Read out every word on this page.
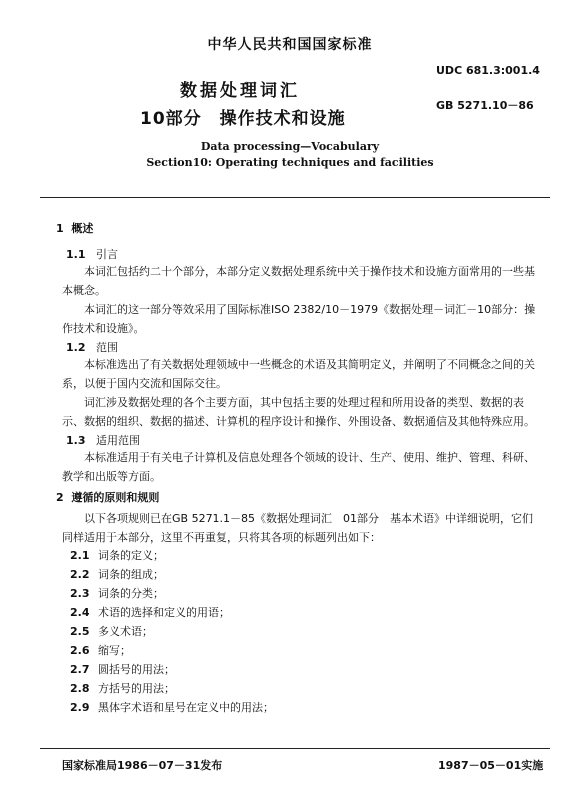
中华人民共和国国家标准
UDC 681.3:001.4
GB 5271.10－86
数据处理词汇
10部分　操作技术和设施
Data processing—Vocabulary
Section10: Operating techniques and facilities
1 概述
1.1 引言
本词汇包括约二十个部分，本部分定义数据处理系统中关于操作技术和设施方面常用的一些基本概念。
本词汇的这一部分等效采用了国际标准ISO 2382/10－1979《数据处理－词汇－10部分：操作技术和设施》。
1.2 范围
本标准选出了有关数据处理领域中一些概念的术语及其简明定义，并阐明了不同概念之间的关系，以便于国内交流和国际交往。
词汇涉及数据处理的各个主要方面，其中包括主要的处理过程和所用设备的类型、数据的表示、数据的组织、数据的描述、计算机的程序设计和操作、外围设备、数据通信及其他特殊应用。
1.3 适用范围
本标准适用于有关电子计算机及信息处理各个领域的设计、生产、使用、维护、管理、科研、教学和出版等方面。
2 遵循的原则和规则
以下各项规则已在GB 5271.1－85《数据处理词汇　01部分　基本术语》中详细说明，它们同样适用于本部分，这里不再重复，只将其各项的标题列出如下：
2.1 词条的定义；
2.2 词条的组成；
2.3 词条的分类；
2.4 术语的选择和定义的用语；
2.5 多义术语；
2.6 缩写；
2.7 圆括号的用法；
2.8 方括号的用法；
2.9 黑体字术语和星号在定义中的用法；
国家标准局1986－07－31发布	1987－05－01实施
